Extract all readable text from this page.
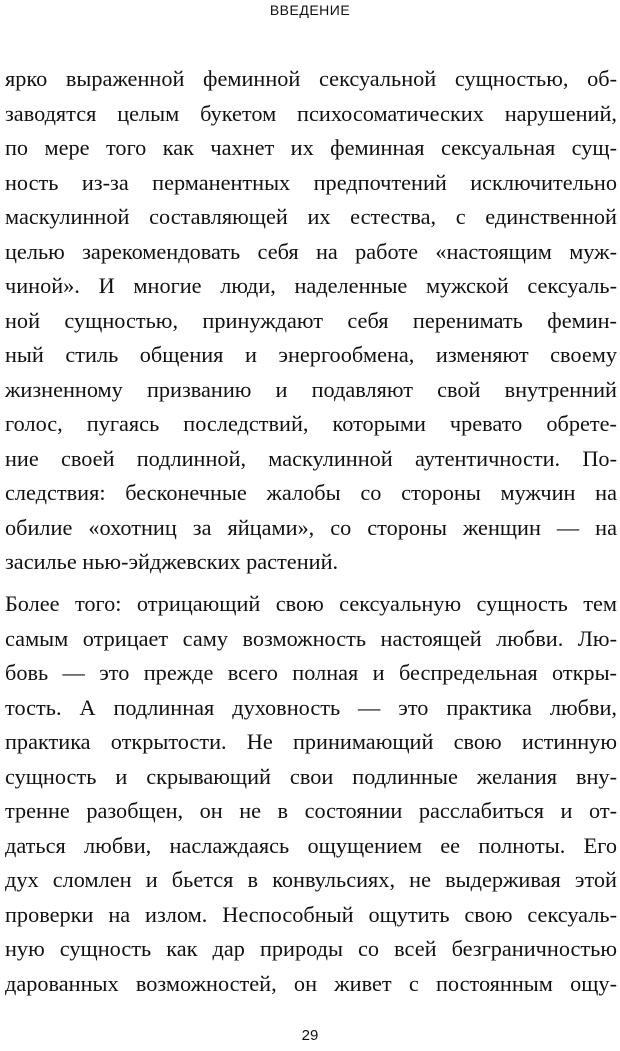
ВВЕДЕНИЕ
ярко выраженной феминной сексуальной сущностью, об-
заводятся целым букетом психосоматических нарушений,
по мере того как чахнет их феминная сексуальная сущ-
ность из-за перманентных предпочтений исключительно
маскулинной составляющей их естества, с единственной
целью зарекомендовать себя на работе «настоящим муж-
чиной». И многие люди, наделенные мужской сексуаль-
ной сущностью, принуждают себя перенимать фемин-
ный стиль общения и энергообмена, изменяют своему
жизненному призванию и подавляют свой внутренний
голос, пугаясь последствий, которыми чревато обрете-
ние своей подлинной, маскулинной аутентичности. По-
следствия: бесконечные жалобы со стороны мужчин на
обилие «охотниц за яйцами», со стороны женщин — на
засилье нью-эйджевских растений.
Более того: отрицающий свою сексуальную сущность тем
самым отрицает саму возможность настоящей любви. Лю-
бовь — это прежде всего полная и беспредельная откры-
тость. А подлинная духовность — это практика любви,
практика открытости. Не принимающий свою истинную
сущность и скрывающий свои подлинные желания вну-
тренне разобщен, он не в состоянии расслабиться и от-
даться любви, наслаждаясь ощущением ее полноты. Его
дух сломлен и бьется в конвульсиях, не выдерживая этой
проверки на излом. Неспособный ощутить свою сексуаль-
ную сущность как дар природы со всей безграничностью
дарованных возможностей, он живет с постоянным ощу-
29
